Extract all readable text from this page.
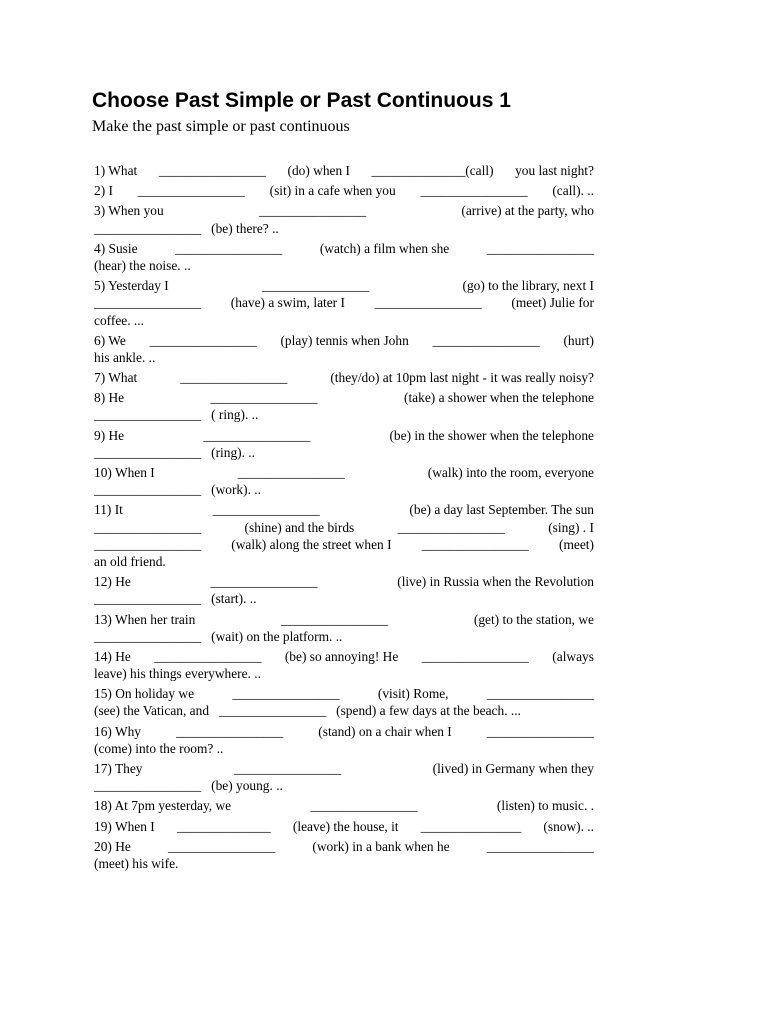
Choose Past Simple or Past Continuous 1

Make the past simple or past continuous

1) What ________________ (do) when I ______________(call) you last night?
2) I ________________ (sit) in a cafe when you ________________ (call). ..
3) When you	________________	(arrive) at the party, who
________________ (be) there? ..
4) Susie	________________	(watch) a film when she	________________
(hear) the noise. ..
5) Yesterday I	________________	(go) to the library, next I
________________ (have) a swim, later I ________________ (meet) Julie for
coffee. ...
6) We ________________ (play) tennis when John ________________ (hurt)
his ankle. ..
7) What	________________	(they/do) at 10pm last night - it was really noisy?
8) He	________________	(take) a shower when the telephone
________________ ( ring). ..
9) He	________________	(be) in the shower when the telephone
________________ (ring). ..
10) When I	________________	(walk) into the room, everyone
________________ (work). ..
11) It	________________	(be) a day last September. The sun
________________	(shine) and the birds	________________	(sing) . I
________________ (walk) along the street when I ________________ (meet)
an old friend.
12) He	________________	(live) in Russia when the Revolution
________________ (start). ..
13) When her train	________________	(get) to the station, we
________________ (wait) on the platform. ..
14) He ________________ (be) so annoying! He ________________ (always
leave) his things everywhere. ..
15) On holiday we	________________	(visit) Rome,	________________
(see) the Vatican, and ________________ (spend) a few days at the beach. ...
16) Why	________________	(stand) on a chair when I	________________
(come) into the room? ..
17) They	________________	(lived) in Germany when they
________________ (be) young. ..
18) At 7pm yesterday, we	________________	(listen) to music. .
19) When I ______________ (leave) the house, it _______________ (snow). ..
20) He	________________	(work) in a bank when he	________________
(meet) his wife.
